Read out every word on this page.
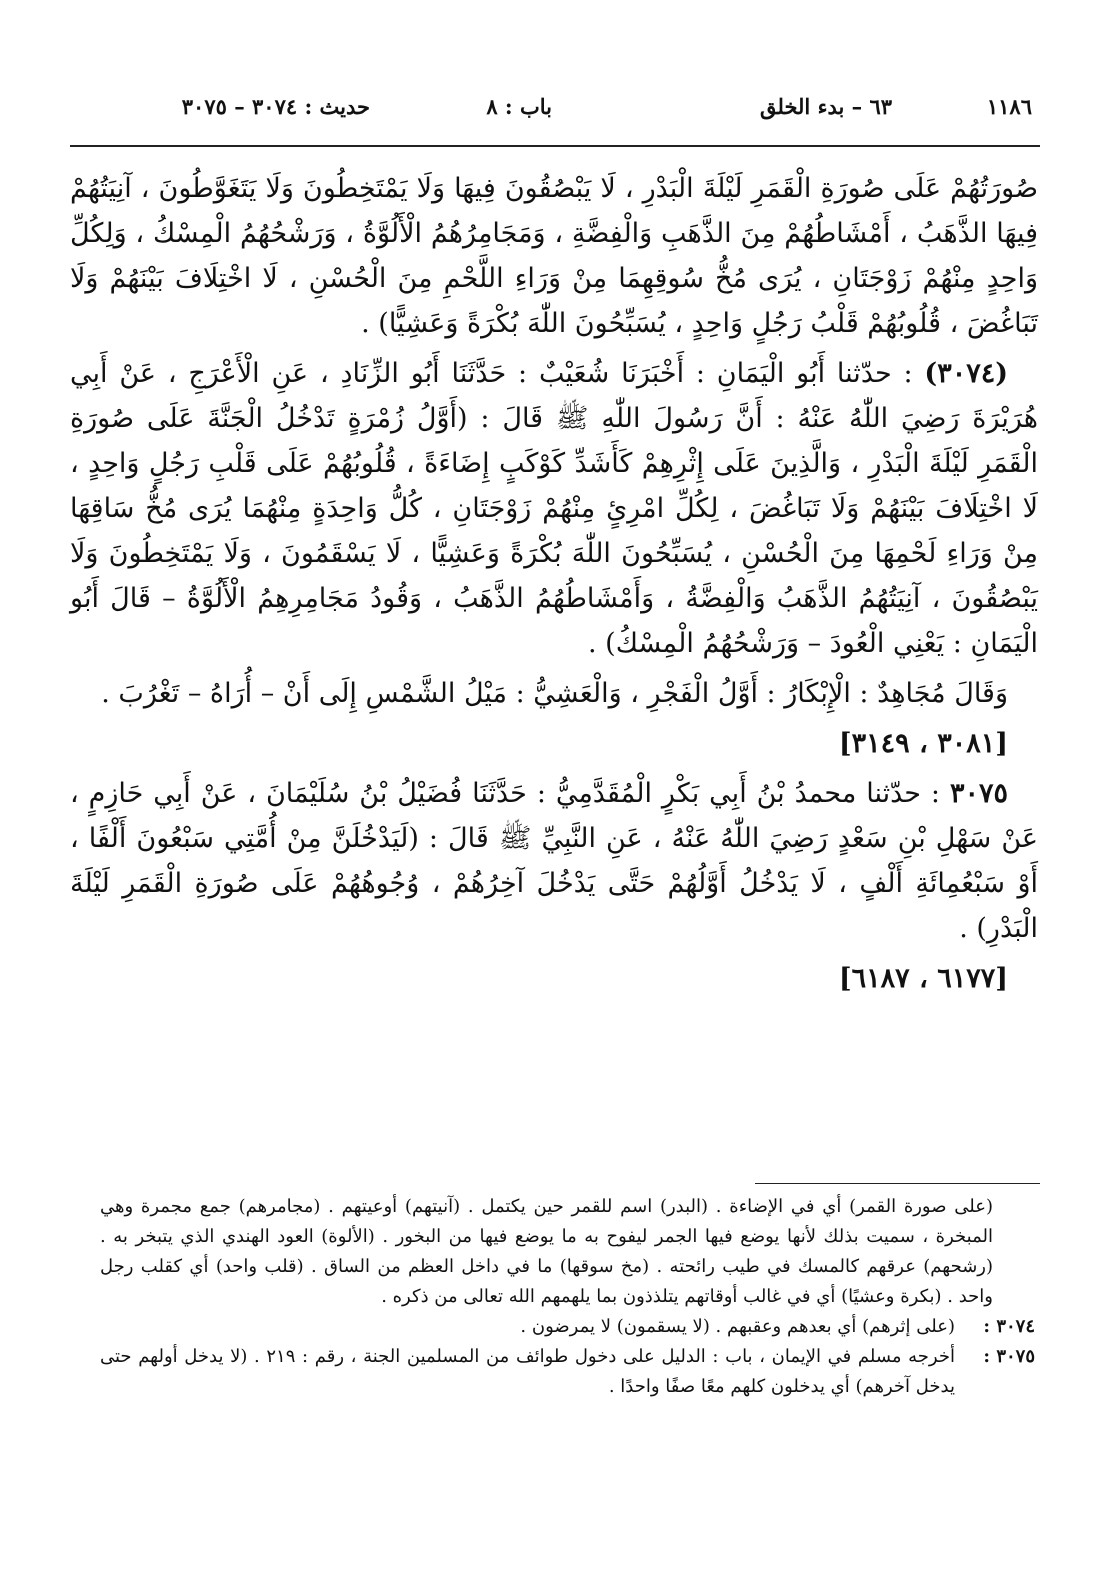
١١٨٦
٦٣ – بدء الخلق
باب : ٨
حديث : ٣٠٧٤ – ٣٠٧٥

صُورَتُهُمْ عَلَى صُورَةِ الْقَمَرِ لَيْلَةَ الْبَدْرِ ، لَا يَبْصُقُونَ فِيهَا وَلَا يَمْتَخِطُونَ وَلَا يَتَغَوَّطُونَ ، آنِيَتُهُمْ فِيهَا الذَّهَبُ ، أَمْشَاطُهُمْ مِنَ الذَّهَبِ وَالْفِضَّةِ ، وَمَجَامِرُهُمُ الْأَلُوَّةُ ، وَرَشْحُهُمُ الْمِسْكُ ، وَلِكُلِّ وَاحِدٍ مِنْهُمْ زَوْجَتَانِ ، يُرَى مُخُّ سُوقِهِمَا مِنْ وَرَاءِ اللَّحْمِ مِنَ الْحُسْنِ ، لَا اخْتِلَافَ بَيْنَهُمْ وَلَا تَبَاغُضَ ، قُلُوبُهُمْ قَلْبُ رَجُلٍ وَاحِدٍ ، يُسَبِّحُونَ اللّٰهَ بُكْرَةً وَعَشِيًّا) .

(٣٠٧٤) : حدّثنا أَبُو الْيَمَانِ : أَخْبَرَنَا شُعَيْبٌ : حَدَّثَنَا أَبُو الزِّنَادِ ، عَنِ الْأَعْرَجِ ، عَنْ أَبِي هُرَيْرَةَ رَضِيَ اللّٰهُ عَنْهُ : أَنَّ رَسُولَ اللّٰهِ ﷺ قَالَ : (أَوَّلُ زُمْرَةٍ تَدْخُلُ الْجَنَّةَ عَلَى صُورَةِ الْقَمَرِ لَيْلَةَ الْبَدْرِ ، وَالَّذِينَ عَلَى إِثْرِهِمْ كَأَشَدِّ كَوْكَبٍ إِضَاءَةً ، قُلُوبُهُمْ عَلَى قَلْبِ رَجُلٍ وَاحِدٍ ، لَا اخْتِلَافَ بَيْنَهُمْ وَلَا تَبَاغُضَ ، لِكُلِّ امْرِئٍ مِنْهُمْ زَوْجَتَانِ ، كُلُّ وَاحِدَةٍ مِنْهُمَا يُرَى مُخُّ سَاقِهَا مِنْ وَرَاءِ لَحْمِهَا مِنَ الْحُسْنِ ، يُسَبِّحُونَ اللّٰهَ بُكْرَةً وَعَشِيًّا ، لَا يَسْقَمُونَ ، وَلَا يَمْتَخِطُونَ وَلَا يَبْصُقُونَ ، آنِيَتُهُمُ الذَّهَبُ وَالْفِضَّةُ ، وَأَمْشَاطُهُمُ الذَّهَبُ ، وَقُودُ مَجَامِرِهِمُ الْأَلُوَّةُ – قَالَ أَبُو الْيَمَانِ : يَعْنِي الْعُودَ – وَرَشْحُهُمُ الْمِسْكُ) .

وَقَالَ مُجَاهِدٌ : الْإِبْكَارُ : أَوَّلُ الْفَجْرِ ، وَالْعَشِيُّ : مَيْلُ الشَّمْسِ إِلَى أَنْ – أُرَاهُ – تَغْرُبَ .

[٣٠٨١ ، ٣١٤٩]

٣٠٧٥ : حدّثنا محمدُ بْنُ أَبِي بَكْرٍ الْمُقَدَّمِيُّ : حَدَّثَنَا فُضَيْلُ بْنُ سُلَيْمَانَ ، عَنْ أَبِي حَازِمٍ ، عَنْ سَهْلِ بْنِ سَعْدٍ رَضِيَ اللّٰهُ عَنْهُ ، عَنِ النَّبِيِّ ﷺ قَالَ : (لَيَدْخُلَنَّ مِنْ أُمَّتِي سَبْعُونَ أَلْفًا ، أَوْ سَبْعُمِائَةِ أَلْفٍ ، لَا يَدْخُلُ أَوَّلُهُمْ حَتَّى يَدْخُلَ آخِرُهُمْ ، وُجُوهُهُمْ عَلَى صُورَةِ الْقَمَرِ لَيْلَةَ الْبَدْرِ) .

[٦١٧٧ ، ٦١٨٧]

(على صورة القمر) أي في الإضاءة . (البدر) اسم للقمر حين يكتمل . (آنيتهم) أوعيتهم . (مجامرهم) جمع مجمرة وهي المبخرة ، سميت بذلك لأنها يوضع فيها الجمر ليفوح به ما يوضع فيها من البخور . (الألوة) العود الهندي الذي يتبخر به . (رشحهم) عرقهم كالمسك في طيب رائحته . (مخ سوقها) ما في داخل العظم من الساق . (قلب واحد) أي كقلب رجل واحد . (بكرة وعشيًا) أي في غالب أوقاتهم يتلذذون بما يلهمهم الله تعالى من ذكره .

٣٠٧٤ :
(على إثرهم) أي بعدهم وعقبهم . (لا يسقمون) لا يمرضون .

٣٠٧٥ :
أخرجه مسلم في الإيمان ، باب : الدليل على دخول طوائف من المسلمين الجنة ، رقم : ٢١٩ . (لا يدخل أولهم حتى يدخل آخرهم) أي يدخلون كلهم معًا صفًا واحدًا .
